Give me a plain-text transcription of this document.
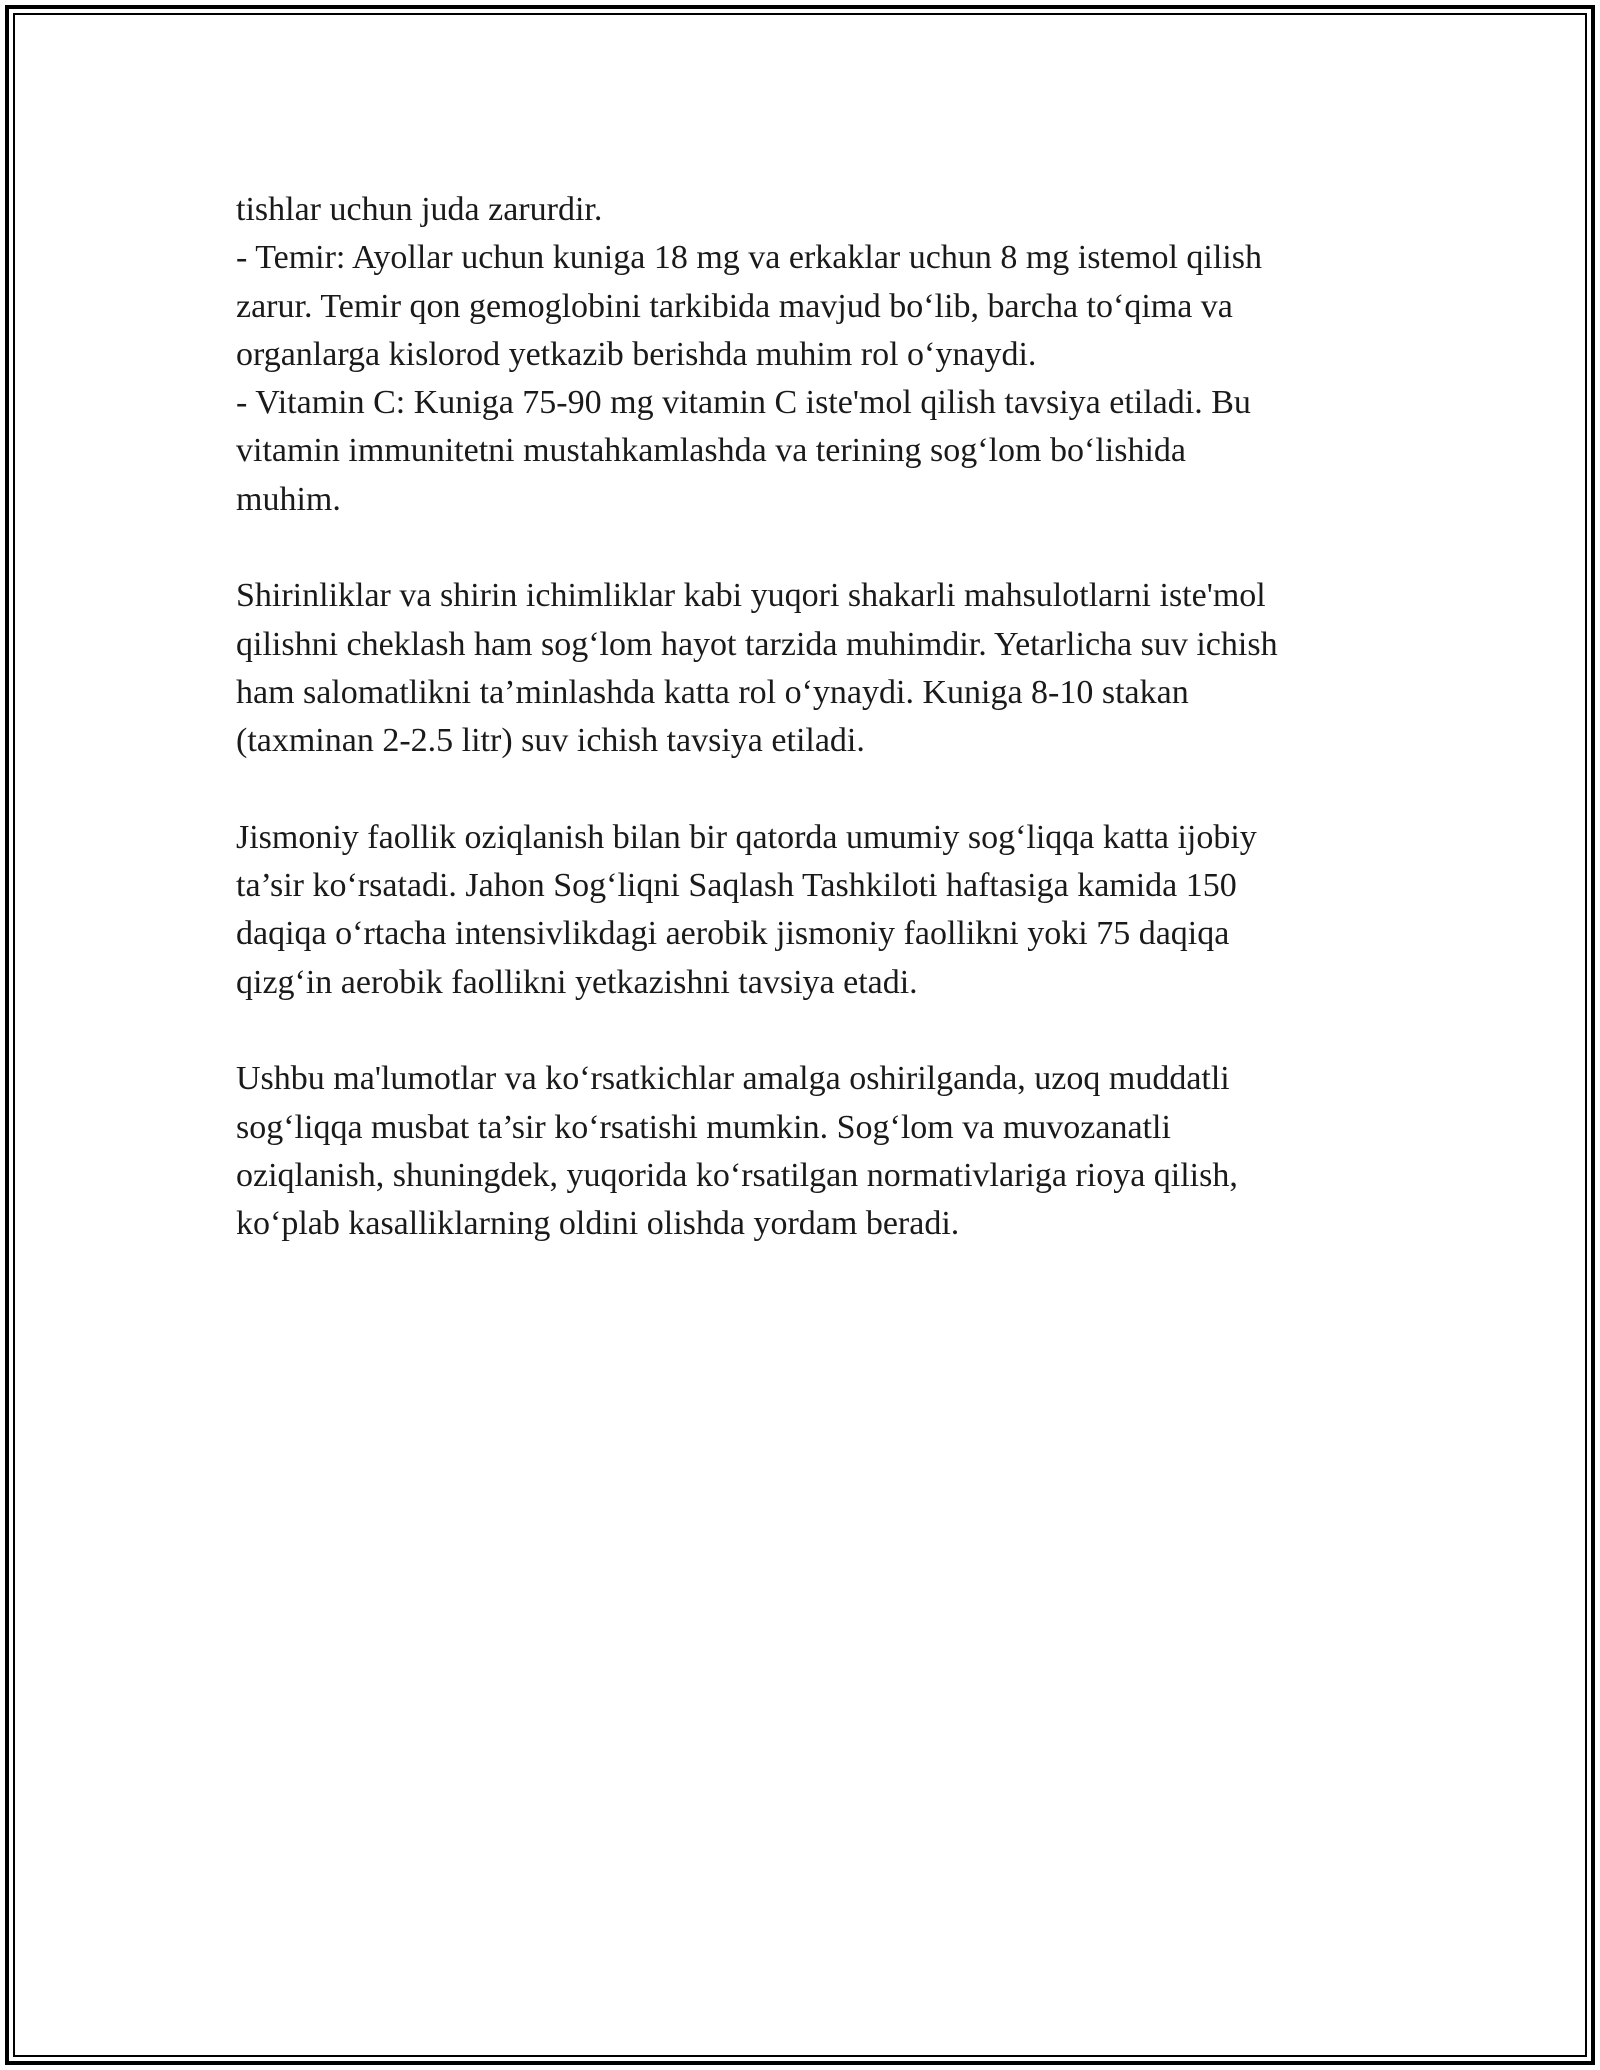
tishlar uchun juda zarurdir.
- Temir: Ayollar uchun kuniga 18 mg va erkaklar uchun 8 mg istemol qilish
zarur. Temir qon gemoglobini tarkibida mavjud boʻlib, barcha toʻqima va
organlarga kislorod yetkazib berishda muhim rol oʻynaydi.
- Vitamin C: Kuniga 75-90 mg vitamin C iste'mol qilish tavsiya etiladi. Bu
vitamin immunitetni mustahkamlashda va terining sogʻlom boʻlishida
muhim.
Shirinliklar va shirin ichimliklar kabi yuqori shakarli mahsulotlarni iste'mol
qilishni cheklash ham sogʻlom hayot tarzida muhimdir. Yetarlicha suv ichish
ham salomatlikni ta’minlashda katta rol oʻynaydi. Kuniga 8-10 stakan
(taxminan 2-2.5 litr) suv ichish tavsiya etiladi.
Jismoniy faollik oziqlanish bilan bir qatorda umumiy sogʻliqqa katta ijobiy
ta’sir koʻrsatadi. Jahon Sogʻliqni Saqlash Tashkiloti haftasiga kamida 150
daqiqa oʻrtacha intensivlikdagi aerobik jismoniy faollikni yoki 75 daqiqa
qizgʻin aerobik faollikni yetkazishni tavsiya etadi.
Ushbu ma'lumotlar va koʻrsatkichlar amalga oshirilganda, uzoq muddatli
sogʻliqqa musbat ta’sir koʻrsatishi mumkin. Sogʻlom va muvozanatli
oziqlanish, shuningdek, yuqorida koʻrsatilgan normativlariga rioya qilish,
koʻplab kasalliklarning oldini olishda yordam beradi.
